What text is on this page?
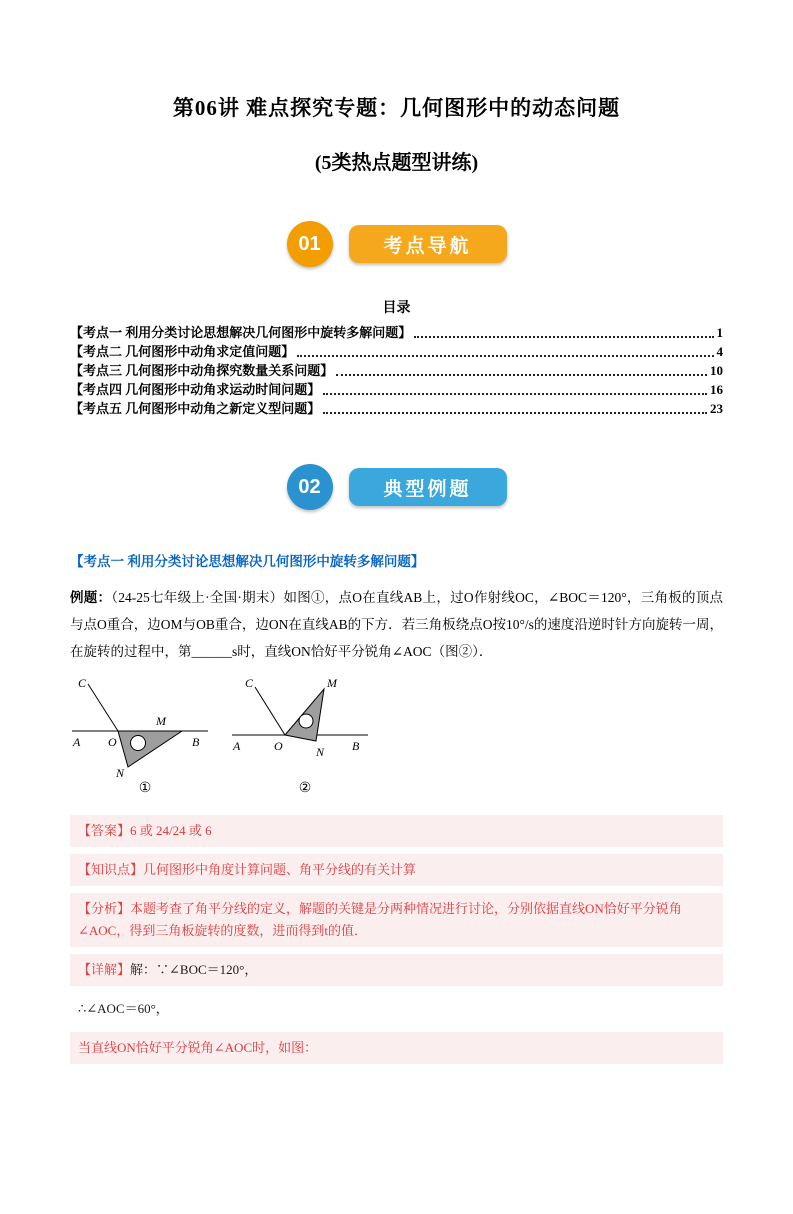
第06讲 难点探究专题：几何图形中的动态问题
(5类热点题型讲练)
01	考点导航
目录
【考点一 利用分类讨论思想解决几何图形中旋转多解问题】	1
【考点二 几何图形中动角求定值问题】	4
【考点三 几何图形中动角探究数量关系问题】	10
【考点四 几何图形中动角求运动时间问题】	16
【考点五 几何图形中动角之新定义型问题】	23
02	典型例题
【考点一 利用分类讨论思想解决几何图形中旋转多解问题】

例题：（24-25七年级上·全国·期末）如图①，点O在直线AB上，过O作射线OC，∠BOC＝120°，三角板的顶点与点O重合，边OM与OB重合，边ON在直线AB的下方．若三角板绕点O按10°/s的速度沿逆时针方向旋转一周，在旋转的过程中，第______s时，直线ON恰好平分锐角∠AOC（图②）．

C
M
A O	B
N
①
C	M
A	O	B
N
②
【答案】6 或 24/24 或 6
【知识点】几何图形中角度计算问题、角平分线的有关计算
【分析】本题考查了角平分线的定义，解题的关键是分两种情况进行讨论，分别依据直线ON恰好平分锐角∠AOC，得到三角板旋转的度数，进而得到t的值．
【详解】解：∵∠BOC＝120°，
∴∠AOC＝60°，
当直线ON恰好平分锐角∠AOC时，如图：
